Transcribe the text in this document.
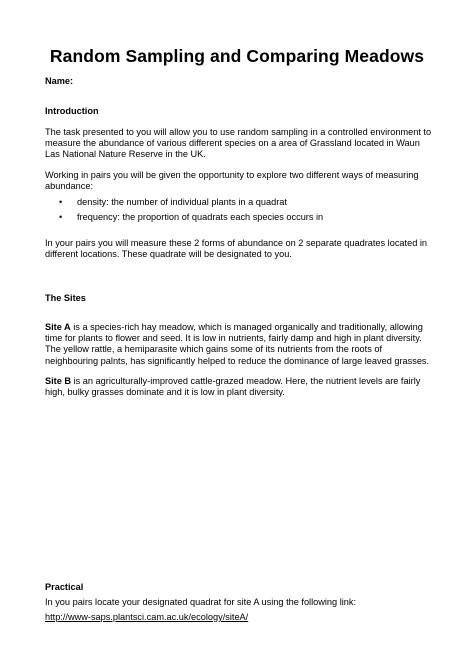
Random Sampling and Comparing Meadows
Name:
Introduction

The task presented to you will allow you to use random sampling in a controlled environment to measure the abundance of various different species on a area of Grassland located in Waun Las National Nature Reserve in the UK.

Working in pairs you will be given the opportunity to explore two different ways of measuring abundance:

• density: the number of individual plants in a quadrat
• frequency: the proportion of quadrats each species occurs in

In your pairs you will measure these 2 forms of abundance on 2 separate quadrates located in different locations. These quadrate will be designated to you.

The Sites

Site A is a species-rich hay meadow, which is managed organically and traditionally, allowing time for plants to flower and seed. It is low in nutrients, fairly damp and high in plant diversity. The yellow rattle, a hemiparasite which gains some of its nutrients from the roots of neighbouring palnts, has significantly helped to reduce the dominance of large leaved grasses.

Site B is an agriculturally-improved cattle-grazed meadow. Here, the nutrient levels are fairly high, bulky grasses dominate and it is low in plant diversity.

Practical

In you pairs locate your designated quadrat for site A using the following link:

http://www-saps.plantsci.cam.ac.uk/ecology/siteA/
